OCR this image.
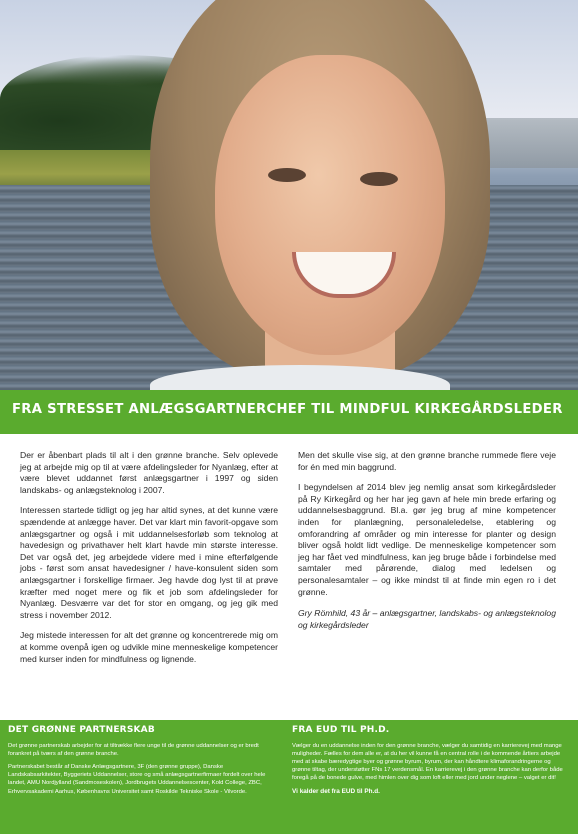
FRA STRESSET ANLÆGSGARTNERCHEF TIL MINDFUL KIRKEGÅRDSLEDER

Der er åbenbart plads til alt i den grønne branche. Selv oplevede jeg at arbejde mig op til at være afdelingsleder for Nyanlæg, efter at være blevet uddannet først anlægsgartner i 1997 og siden landskabs- og anlægsteknolog i 2007.

Interessen startede tidligt og jeg har altid synes, at det kunne være spændende at anlægge haver. Det var klart min favorit-opgave som anlægsgartner og også i mit uddannelsesforløb som teknolog at havedesign og privathaver helt klart havde min største interesse. Det var også det, jeg arbejdede videre med i mine efterfølgende jobs - først som ansat havedesigner / have-konsulent siden som anlægsgartner i forskellige firmaer. Jeg havde dog lyst til at prøve kræfter med noget mere og fik et job som afdelingsleder for Nyanlæg. Desværre var det for stor en omgang, og jeg gik med stress i november 2012.

Jeg mistede interessen for alt det grønne og koncentrerede mig om at komme ovenpå igen og udvikle mine menneskelige kompetencer med kurser inden for mindfulness og lignende.

Men det skulle vise sig, at den grønne branche rummede flere veje for én med min baggrund.

I begyndelsen af 2014 blev jeg nemlig ansat som kirkegårdsleder på Ry Kirkegård og her har jeg gavn af hele min brede erfaring og uddannelsesbaggrund. Bl.a. gør jeg brug af mine kompetencer inden for planlægning, personaleledelse, etablering og omforandring af områder og min interesse for planter og design bliver også holdt lidt vedlige. De menneskelige kompetencer som jeg har fået ved mindfulness, kan jeg bruge både i forbindelse med samtaler med pårørende, dialog med ledelsen og personalesamtaler – og ikke mindst til at finde min egen ro i det grønne.

Gry Römhild, 43 år – anlægsgartner, landskabs- og anlægsteknolog og kirkegårdsleder

DET GRØNNE PARTNERSKAB

Det grønne partnerskab arbejder for at tiltrække flere unge til de grønne uddannelser og er bredt forankret på tværs af den grønne branche.

Partnerskabet består af Danske Anlægsgartnere, 3F (den grønne gruppe), Danske Landskabsarkitekter, Byggeriets Uddannelser, store og små anlægsgartnerfirmaer fordelt over hele landet, AMU Nordjylland (Sandmoseskolen), Jordbrugets Uddannelsescenter, Kold College, ZBC, Erhvervsakademi Aarhus, Københavns Universitet samt Roskilde Tekniske Skole - Vilvorde.

FRA EUD TIL PH.D.

Vælger du en uddannelse inden for den grønne branche, vælger du samtidig en karrierevej med mange muligheder. Fælles for dem alle er, at du her vil kunne få en central rolle i de kommende årtiers arbejde med at skabe bæredygtige byer og grønne byrum, byrum, der kan håndtere klimaforandringerne og grønne tiltag, der understøtter FNs 17 verdensmål. En karrierevej i den grønne branche kan derfor både foregå på de bonede gulve, med himlen over dig som loft eller med jord under neglene – valget er dit!

Vi kalder det fra EUD til Ph.d.
